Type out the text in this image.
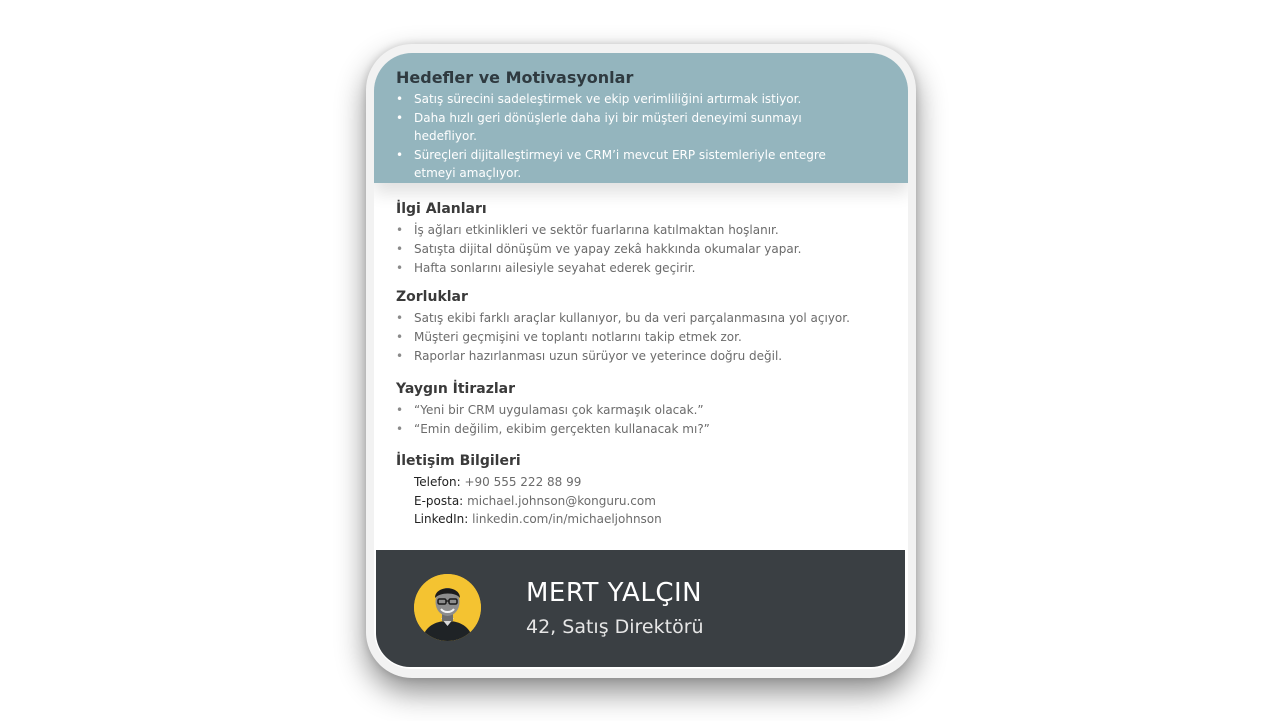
Hedefler ve Motivasyonlar
• Satış sürecini sadeleştirmek ve ekip verimliliğini artırmak istiyor.
• Daha hızlı geri dönüşlerle daha iyi bir müşteri deneyimi sunmayı hedefliyor.
• Süreçleri dijitalleştirmeyi ve CRM’i mevcut ERP sistemleriyle entegre etmeyi amaçlıyor.
İlgi Alanları
• İş ağları etkinlikleri ve sektör fuarlarına katılmaktan hoşlanır.
• Satışta dijital dönüşüm ve yapay zekâ hakkında okumalar yapar.
• Hafta sonlarını ailesiyle seyahat ederek geçirir.
Zorluklar
• Satış ekibi farklı araçlar kullanıyor, bu da veri parçalanmasına yol açıyor.
• Müşteri geçmişini ve toplantı notlarını takip etmek zor.
• Raporlar hazırlanması uzun sürüyor ve yeterince doğru değil.
Yaygın İtirazlar
• “Yeni bir CRM uygulaması çok karmaşık olacak.”
• “Emin değilim, ekibim gerçekten kullanacak mı?”
İletişim Bilgileri
Telefon: +90 555 222 88 99
E-posta: michael.johnson@konguru.com
LinkedIn: linkedin.com/in/michaeljohnson
MERT YALÇIN
42, Satış Direktörü
